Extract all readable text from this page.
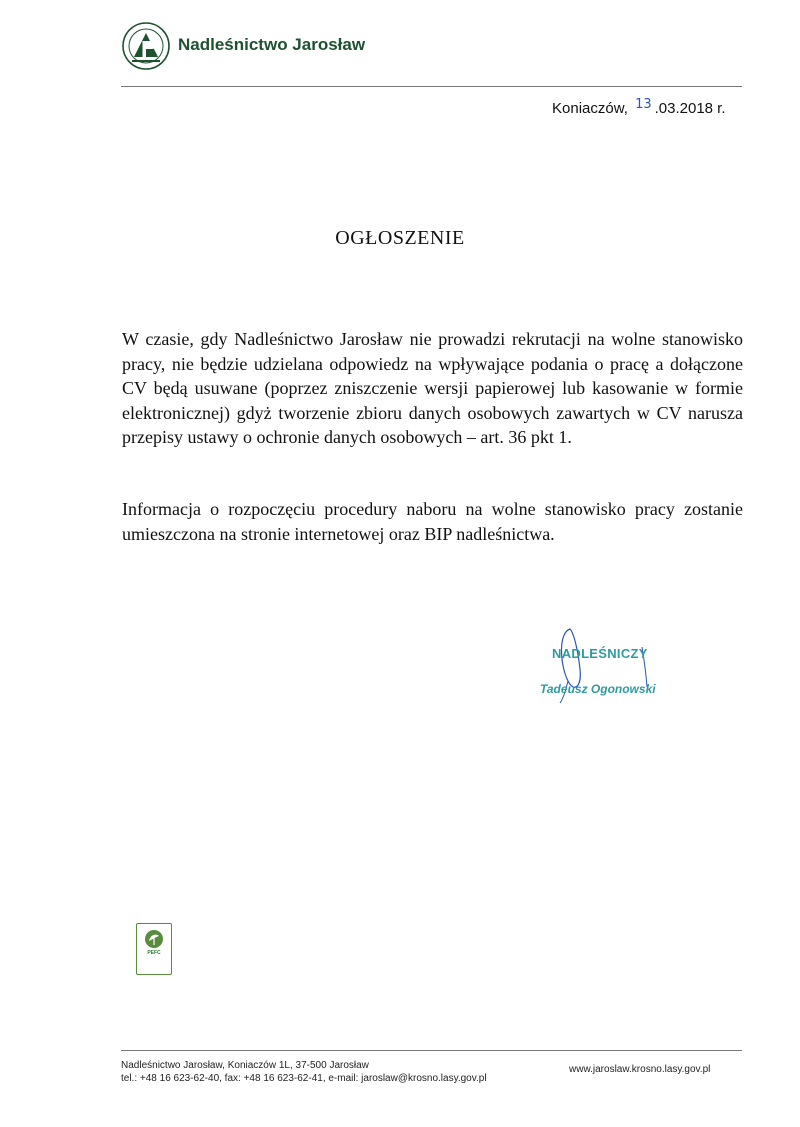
Nadleśnictwo Jarosław
Koniaczów, 13 .03.2018 r.
OGŁOSZENIE
W czasie, gdy Nadleśnictwo Jarosław nie prowadzi rekrutacji na wolne stanowisko pracy, nie będzie udzielana odpowiedz na wpływające podania o pracę a dołączone CV będą usuwane (poprzez zniszczenie wersji papierowej lub kasowanie w formie elektronicznej) gdyż tworzenie zbioru danych osobowych zawartych w CV narusza przepisy ustawy o ochronie danych osobowych – art. 36 pkt 1.
Informacja o rozpoczęciu procedury naboru na wolne stanowisko pracy zostanie umieszczona na stronie internetowej oraz BIP nadleśnictwa.
NADLEŚNICZY
Tadeusz Ogonowski
PEFC
Nadleśnictwo Jarosław, Koniaczów 1L, 37-500 Jarosław
tel.: +48 16 623-62-40, fax: +48 16 623-62-41, e-mail: jaroslaw@krosno.lasy.gov.pl
www.jaroslaw.krosno.lasy.gov.pl
